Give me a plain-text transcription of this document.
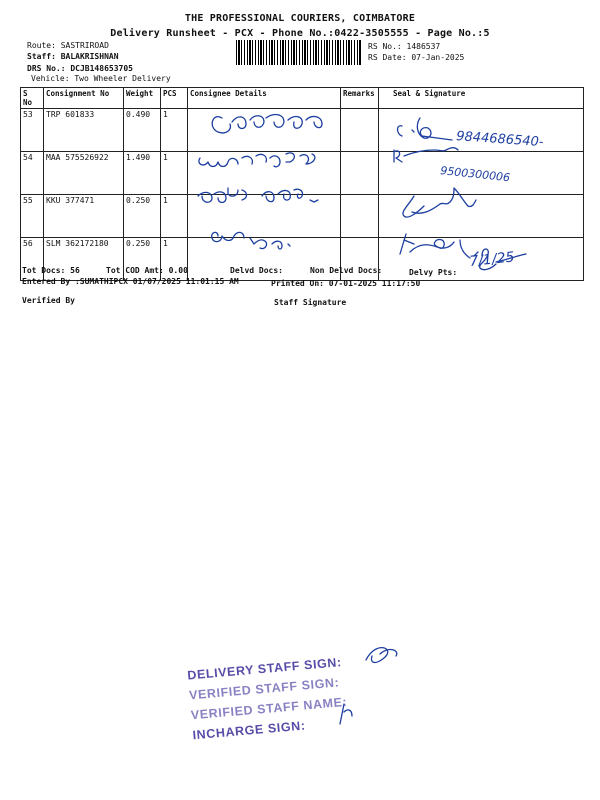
THE PROFESSIONAL COURIERS, COIMBATORE
Delivery Runsheet - PCX - Phone No.:0422-3505555 - Page No.:5
Route: SASTRIROAD
Staff: BALAKRISHNAN
DRS No.: DCJB148653705
Vehicle: Two Wheeler Delivery
RS No.: 1486537
RS Date: 07-Jan-2025
S No	Consignment No	Weight	PCS	Consignee Details	Remarks	Seal & Signature
53	TRP 601833	0.490	1			
54	MAA 575526922	1.490	1			
55	KKU 377471	0.250	1			
56	SLM 362172180	0.250	1			
9844686540-
9500300006
7/1/25
Tot Docs: 56	Tot COD Amt: 0.00	Delvd Docs:	Non Delvd Docs:	Delvy Pts:
Entered By :SUMATHIPCX 01/07/2025 11:01:15 AM	Printed On: 07-01-2025 11:17:50
Verified By	Staff Signature
DELIVERY STAFF SIGN:
VERIFIED STAFF SIGN:
VERIFIED STAFF NAME:
INCHARGE SIGN:
